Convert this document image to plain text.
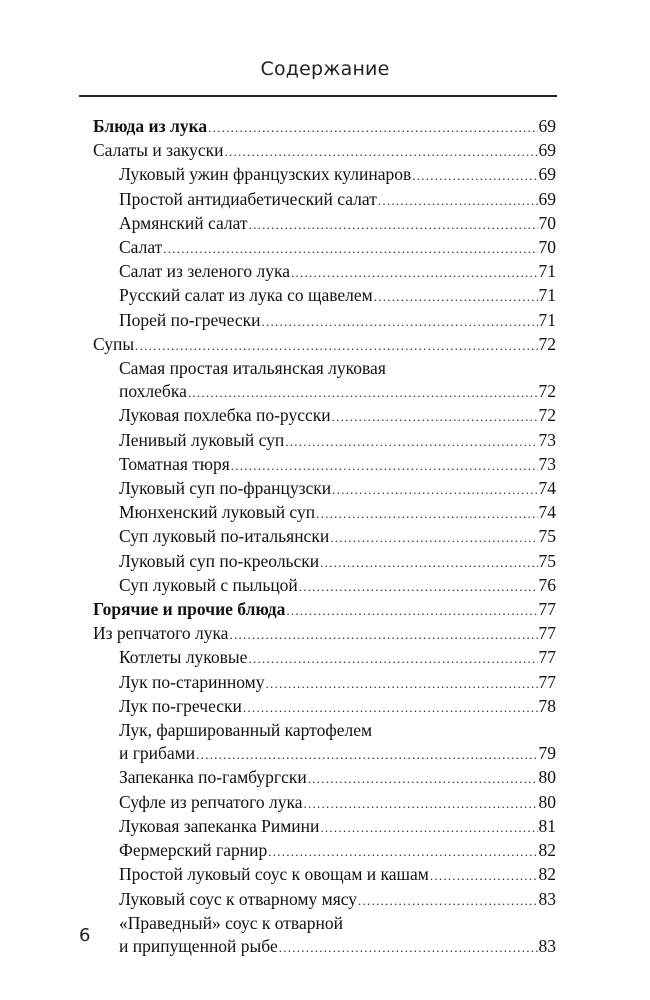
Содержание
Блюда из лука . . .	69
Салаты и закуски . . .	69
Луковый ужин французских кулинаров . . .	69
Простой антидиабетический салат . . .	69
Армянский салат . . .	70
Салат . . .	70
Салат из зеленого лука . . .	71
Русский салат из лука со щавелем . . .	71
Порей по-гречески . . .	71
Супы . . .	72
Самая простая итальянская луковая
похлебка . . .	72
Луковая похлебка по-русски . . .	72
Ленивый луковый суп . . .	73
Томатная тюря . . .	73
Луковый суп по-французски . . .	74
Мюнхенский луковый суп . . .	74
Суп луковый по-итальянски . . .	75
Луковый суп по-креольски . . .	75
Суп луковый с пыльцой . . .	76
Горячие и прочие блюда . . .	77
Из репчатого лука . . .	77
Котлеты луковые . . .	77
Лук по-старинному . . .	77
Лук по-гречески . . .	78
Лук, фаршированный картофелем
и грибами . . .	79
Запеканка по-гамбургски . . .	80
Суфле из репчатого лука . . .	80
Луковая запеканка Римини . . .	81
Фермерский гарнир . . .	82
Простой луковый соус к овощам и кашам . . .	82
Луковый соус к отварному мясу . . .	83
«Праведный» соус к отварной
и припущенной рыбе . . .	83
6
